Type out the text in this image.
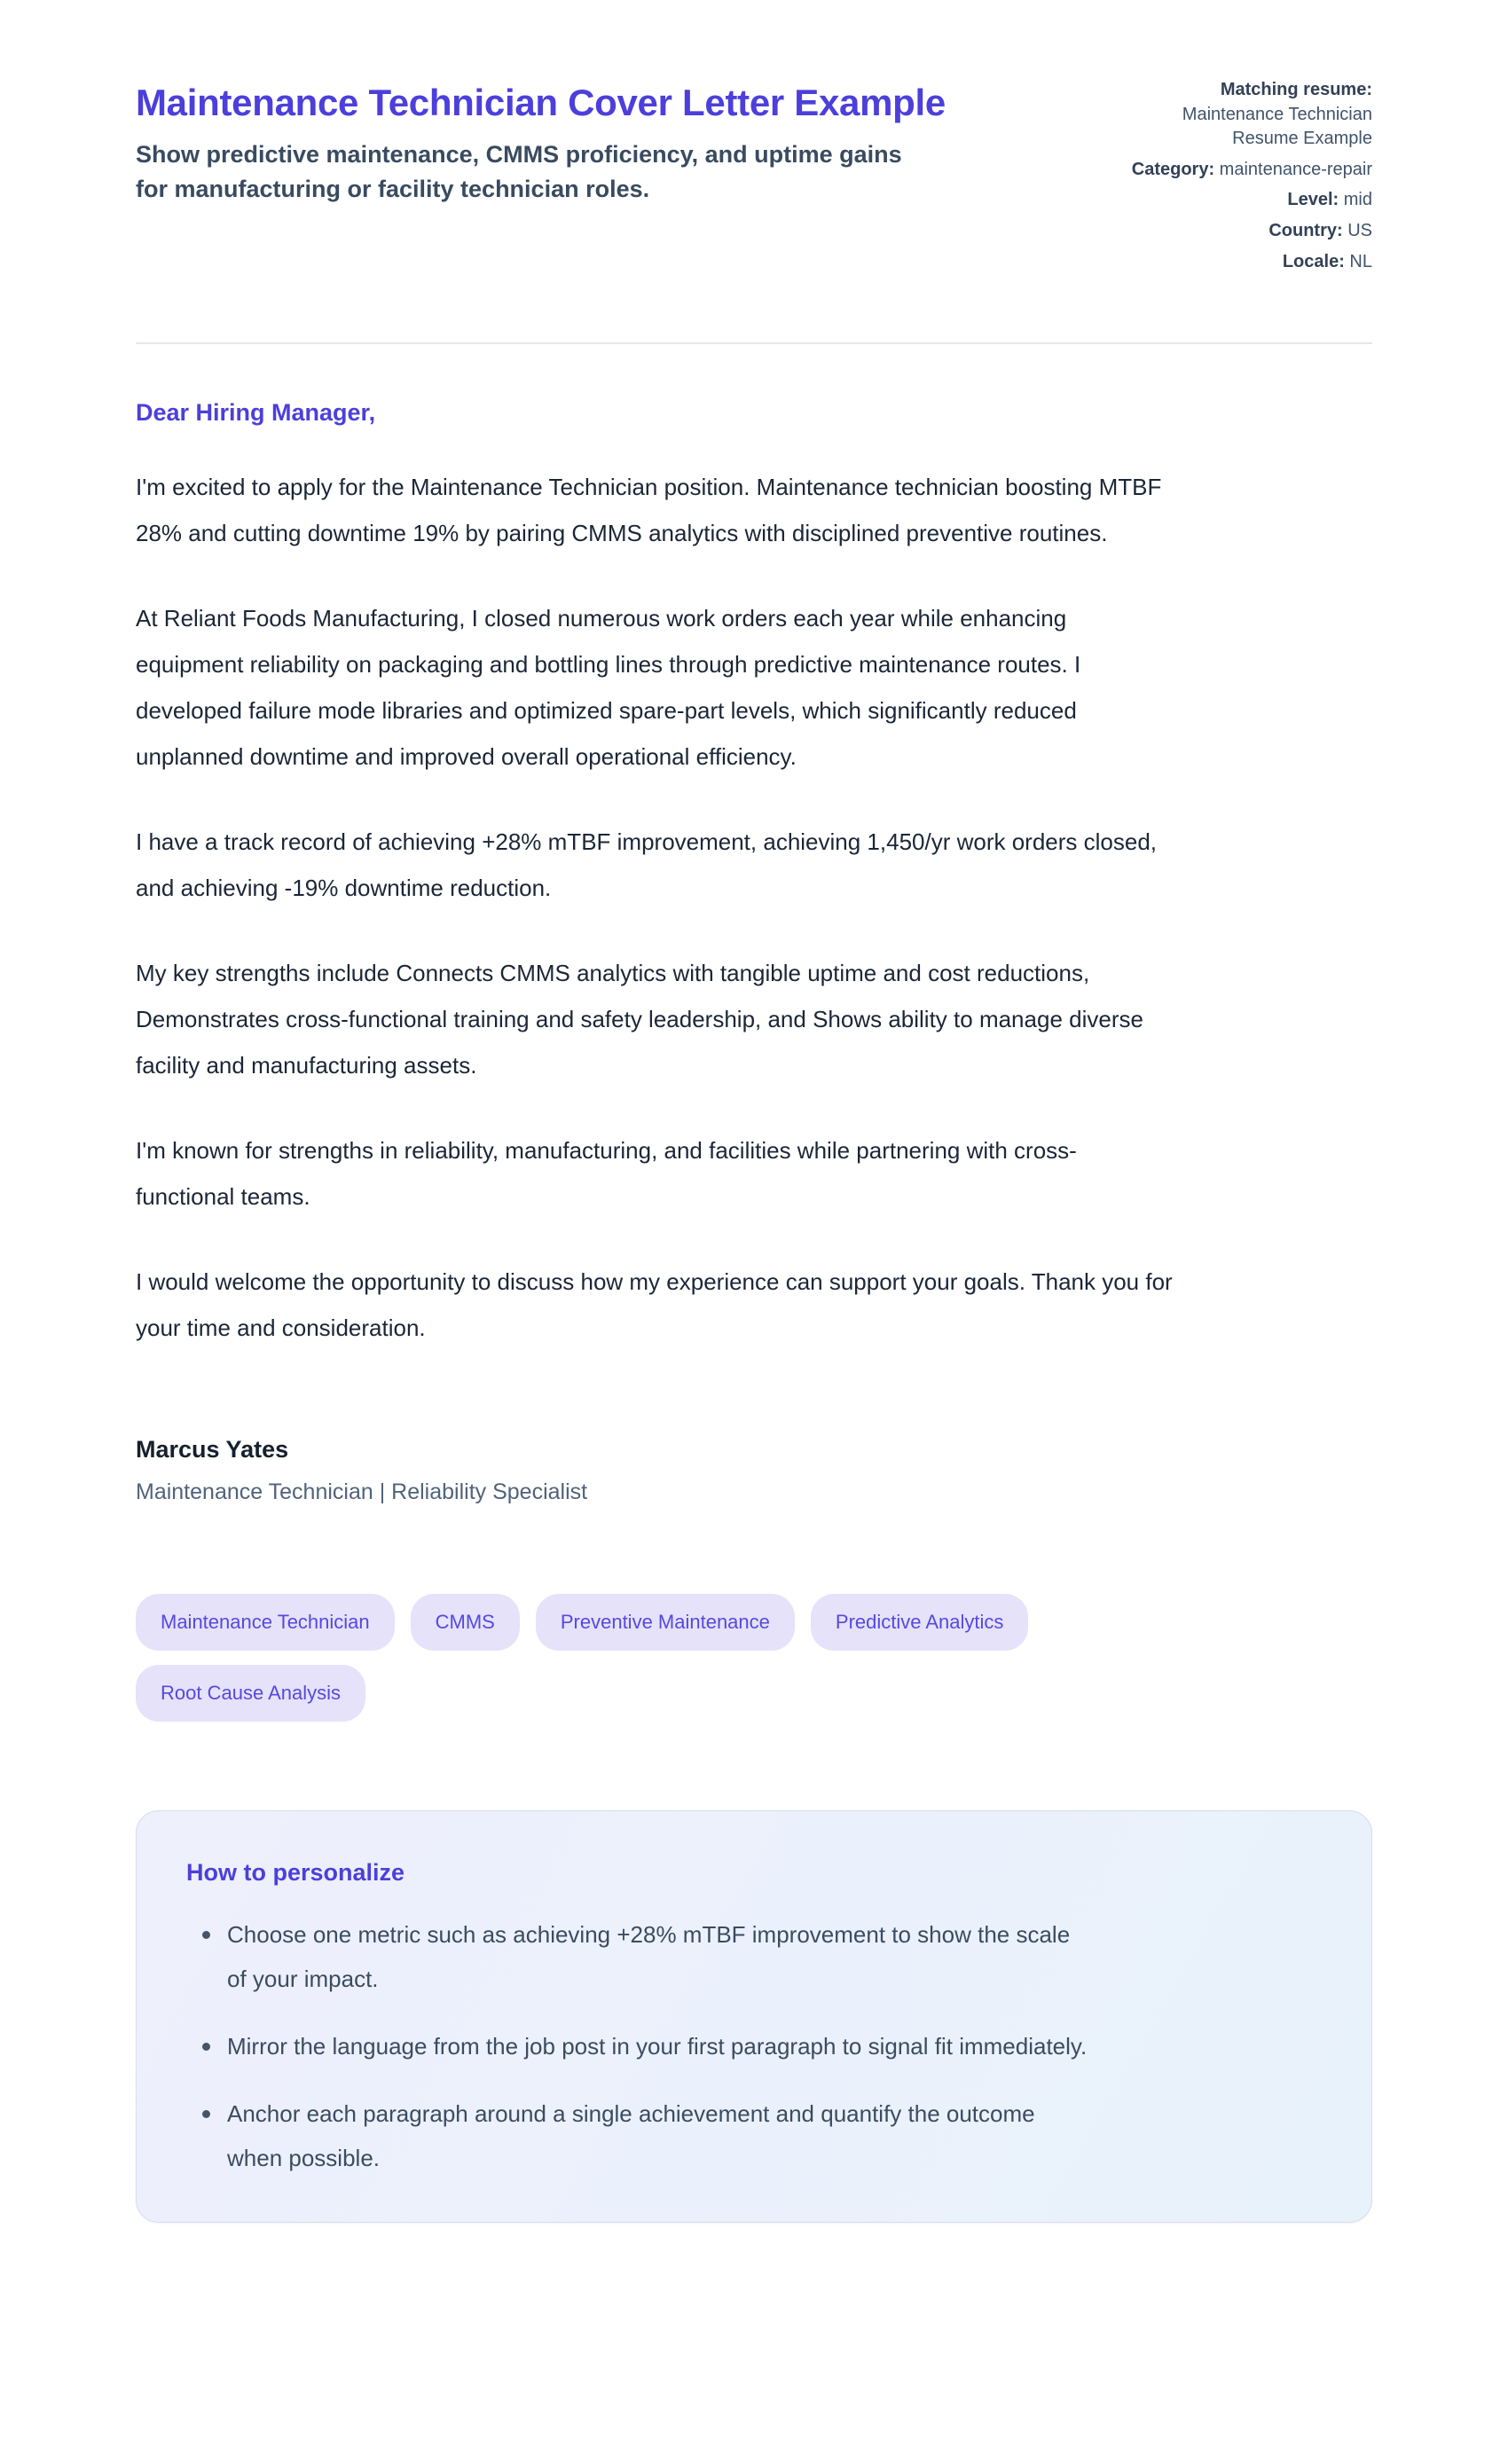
Maintenance Technician Cover Letter Example

Show predictive maintenance, CMMS proficiency, and uptime gains for manufacturing or facility technician roles.

Matching resume: Maintenance Technician Resume Example
Category: maintenance-repair
Level: mid
Country: US
Locale: NL

Dear Hiring Manager,

I'm excited to apply for the Maintenance Technician position. Maintenance technician boosting MTBF 28% and cutting downtime 19% by pairing CMMS analytics with disciplined preventive routines.

At Reliant Foods Manufacturing, I closed numerous work orders each year while enhancing equipment reliability on packaging and bottling lines through predictive maintenance routes. I developed failure mode libraries and optimized spare-part levels, which significantly reduced unplanned downtime and improved overall operational efficiency.

I have a track record of achieving +28% mTBF improvement, achieving 1,450/yr work orders closed, and achieving -19% downtime reduction.

My key strengths include Connects CMMS analytics with tangible uptime and cost reductions, Demonstrates cross-functional training and safety leadership, and Shows ability to manage diverse facility and manufacturing assets.

I'm known for strengths in reliability, manufacturing, and facilities while partnering with cross-functional teams.

I would welcome the opportunity to discuss how my experience can support your goals. Thank you for your time and consideration.

Marcus Yates

Maintenance Technician | Reliability Specialist

Maintenance Technician	CMMS	Preventive Maintenance	Predictive Analytics
Root Cause Analysis
How to personalize
Choose one metric such as achieving +28% mTBF improvement to show the scale of your impact.
Mirror the language from the job post in your first paragraph to signal fit immediately.
Anchor each paragraph around a single achievement and quantify the outcome when possible.
